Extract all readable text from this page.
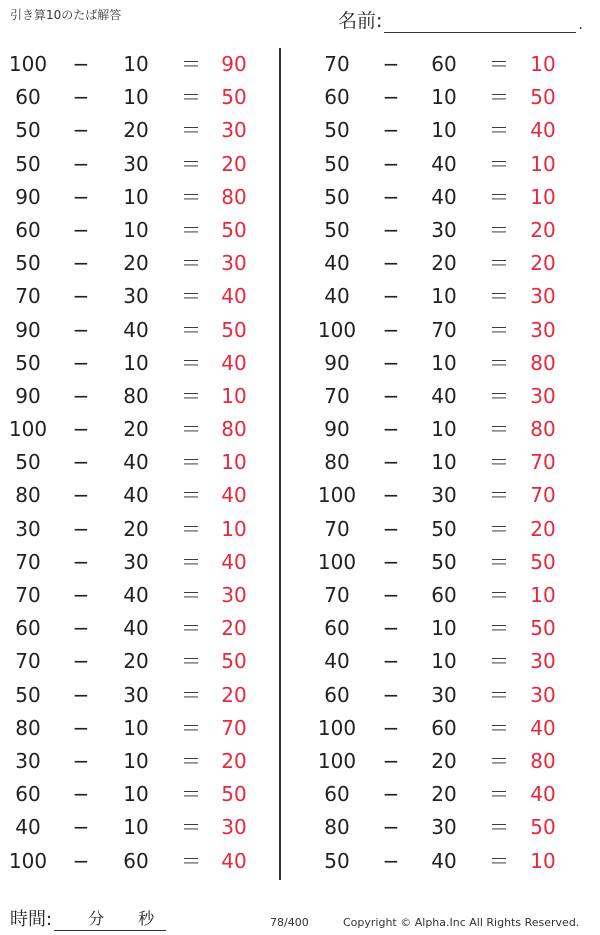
引き算10のたば解答	名前:	.
100	−	10	＝	90
60	−	10	＝	50
50	−	20	＝	30
50	−	30	＝	20
90	−	10	＝	80
60	−	10	＝	50
50	−	20	＝	30
70	−	30	＝	40
90	−	40	＝	50
50	−	10	＝	40
90	−	80	＝	10
100	−	20	＝	80
50	−	40	＝	10
80	−	40	＝	40
30	−	20	＝	10
70	−	30	＝	40
70	−	40	＝	30
60	−	40	＝	20
70	−	20	＝	50
50	−	30	＝	20
80	−	10	＝	70
30	−	10	＝	20
60	−	10	＝	50
40	−	10	＝	30
100	−	60	＝	40
70	−	60	＝	10
60	−	10	＝	50
50	−	10	＝	40
50	−	40	＝	10
50	−	40	＝	10
50	−	30	＝	20
40	−	20	＝	20
40	−	10	＝	30
100	−	70	＝	30
90	−	10	＝	80
70	−	40	＝	30
90	−	10	＝	80
80	−	10	＝	70
100	−	30	＝	70
70	−	50	＝	20
100	−	50	＝	50
70	−	60	＝	10
60	−	10	＝	50
40	−	10	＝	30
60	−	30	＝	30
100	−	60	＝	40
100	−	20	＝	80
60	−	20	＝	40
80	−	30	＝	50
50	−	40	＝	10
時間: 分 秒	78/400	Copyright © Alpha.Inc All Rights Reserved.
